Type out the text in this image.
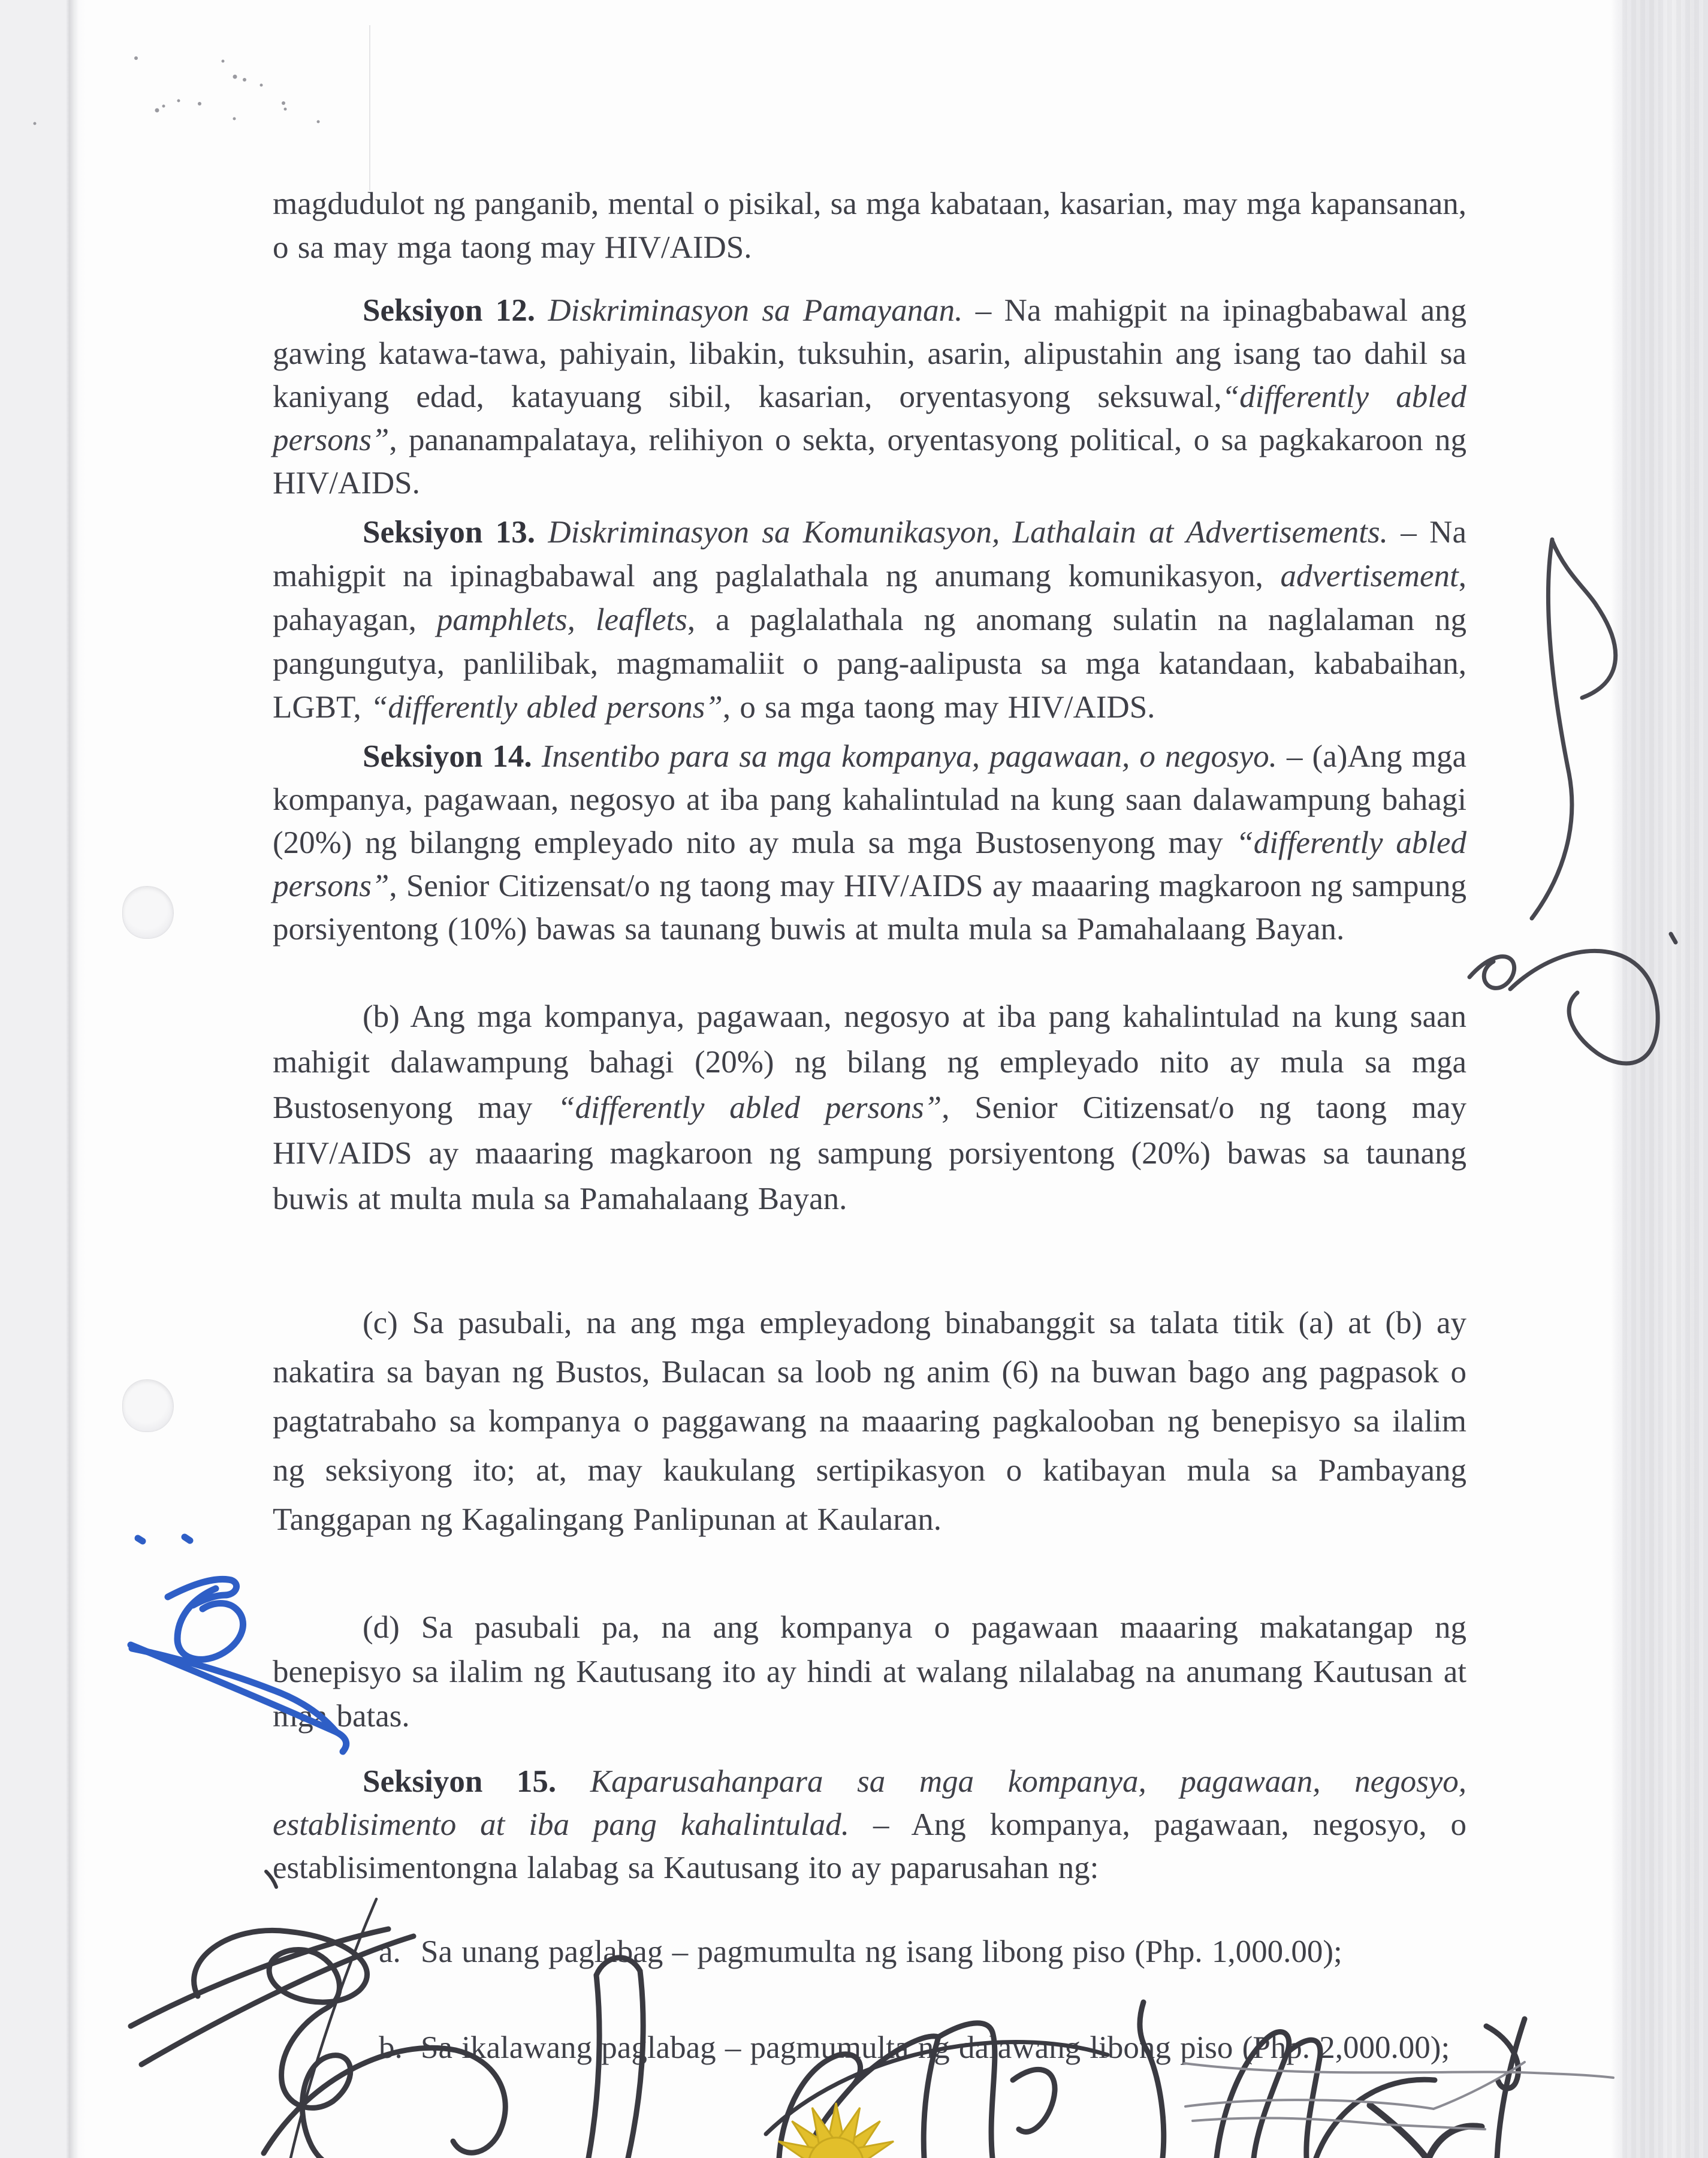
magdudulot ng panganib, mental o pisikal, sa mga kabataan, kasarian, may mga kapansanan, o sa may mga taong may HIV/AIDS.

Seksiyon 12. Diskriminasyon sa Pamayanan. – Na mahigpit na ipinagbabawal ang gawing katawa-tawa, pahiyain, libakin, tuksuhin, asarin, alipustahin ang isang tao dahil sa kaniyang edad, katayuang sibil, kasarian, oryentasyong seksuwal,“differently abled persons”, pananampalataya, relihiyon o sekta, oryentasyong political, o sa pagkakaroon ng HIV/AIDS.

Seksiyon 13. Diskriminasyon sa Komunikasyon, Lathalain at Advertisements. – Na mahigpit na ipinagbabawal ang paglalathala ng anumang komunikasyon, advertisement, pahayagan, pamphlets, leaflets, a paglalathala ng anomang sulatin na naglalaman ng pangungutya, panlilibak, magmamaliit o pang-aalipusta sa mga katandaan, kababaihan, LGBT, “differently abled persons”, o sa mga taong may HIV/AIDS.

Seksiyon 14. Insentibo para sa mga kompanya, pagawaan, o negosyo. – (a)Ang mga kompanya, pagawaan, negosyo at iba pang kahalintulad na kung saan dalawampung bahagi (20%) ng bilangng empleyado nito ay mula sa mga Bustosenyong may “differently abled persons”, Senior Citizensat/o ng taong may HIV/AIDS ay maaaring magkaroon ng sampung porsiyentong (10%) bawas sa taunang buwis at multa mula sa Pamahalaang Bayan.

(b) Ang mga kompanya, pagawaan, negosyo at iba pang kahalintulad na kung saan mahigit dalawampung bahagi (20%) ng bilang ng empleyado nito ay mula sa mga Bustosenyong may “differently abled persons”, Senior Citizensat/o ng taong may HIV/AIDS ay maaaring magkaroon ng sampung porsiyentong (20%) bawas sa taunang buwis at multa mula sa Pamahalaang Bayan.

(c) Sa pasubali, na ang mga empleyadong binabanggit sa talata titik (a) at (b) ay nakatira sa bayan ng Bustos, Bulacan sa loob ng anim (6) na buwan bago ang pagpasok o pagtatrabaho sa kompanya o paggawang na maaaring pagkalooban ng benepisyo sa ilalim ng seksiyong ito; at, may kaukulang sertipikasyon o katibayan mula sa Pambayang Tanggapan ng Kagalingang Panlipunan at Kaularan.

(d) Sa pasubali pa, na ang kompanya o pagawaan maaaring makatangap ng benepisyo sa ilalim ng Kautusang ito ay hindi at walang nilalabag na anumang Kautusan at mga batas.

Seksiyon 15. Kaparusahanpara sa mga kompanya, pagawaan, negosyo, establisimento at iba pang kahalintulad. – Ang kompanya, pagawaan, negosyo, o establisimentongna lalabag sa Kautusang ito ay paparusahan ng:

a. Sa unang paglabag – pagmumulta ng isang libong piso (Php. 1,000.00);
b. Sa ikalawang paglabag – pagmumulta ng dalawang libong piso (Php. 2,000.00);
